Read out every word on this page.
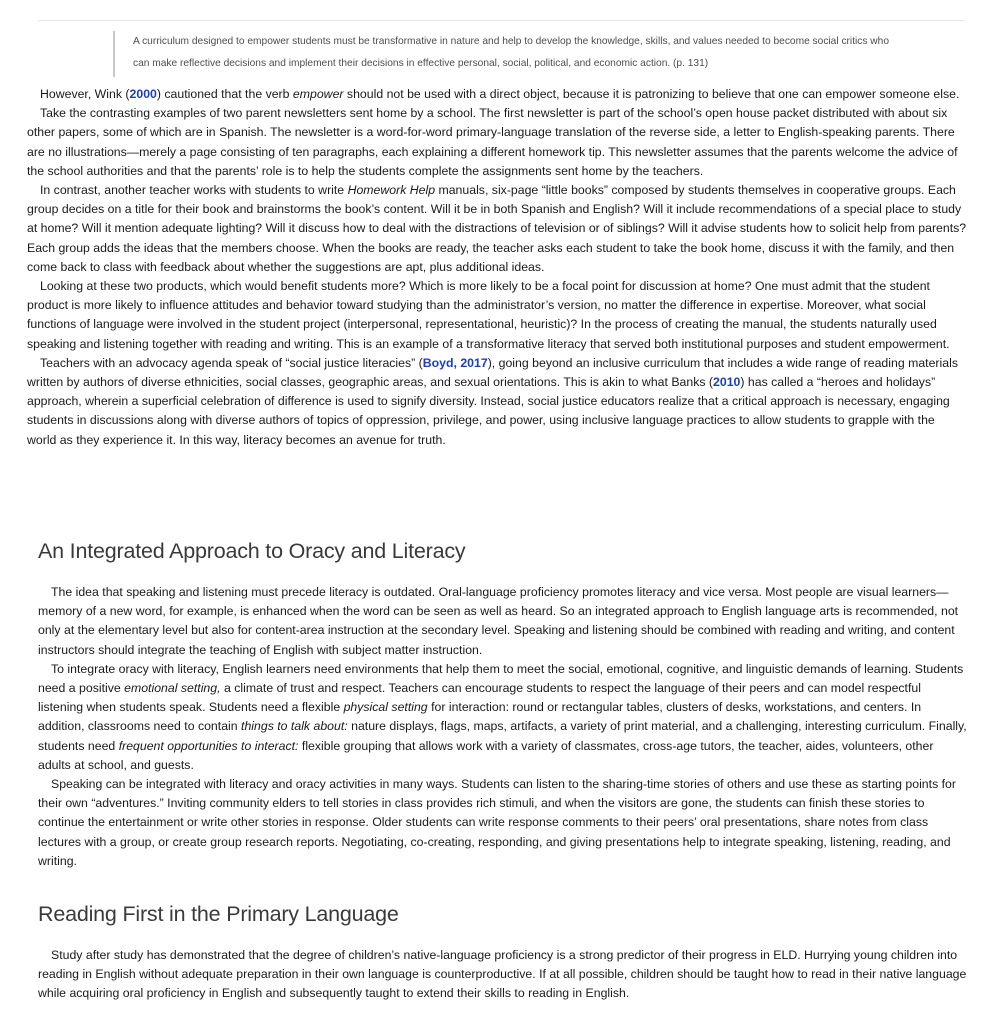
A curriculum designed to empower students must be transformative in nature and help to develop the knowledge, skills, and values needed to become social critics who

can make reflective decisions and implement their decisions in effective personal, social, political, and economic action. (p. 131)

However, Wink (2000) cautioned that the verb empower should not be used with a direct object, because it is patronizing to believe that one can empower someone else.

Take the contrasting examples of two parent newsletters sent home by a school. The first newsletter is part of the school’s open house packet distributed with about six other papers, some of which are in Spanish. The newsletter is a word-for-word primary-language translation of the reverse side, a letter to English-speaking parents. There are no illustrations—merely a page consisting of ten paragraphs, each explaining a different homework tip. This newsletter assumes that the parents welcome the advice of the school authorities and that the parents’ role is to help the students complete the assignments sent home by the teachers.

In contrast, another teacher works with students to write Homework Help manuals, six-page “little books” composed by students themselves in cooperative groups. Each group decides on a title for their book and brainstorms the book’s content. Will it be in both Spanish and English? Will it include recommendations of a special place to study at home? Will it mention adequate lighting? Will it discuss how to deal with the distractions of television or of siblings? Will it advise students how to solicit help from parents? Each group adds the ideas that the members choose. When the books are ready, the teacher asks each student to take the book home, discuss it with the family, and then come back to class with feedback about whether the suggestions are apt, plus additional ideas.

Looking at these two products, which would benefit students more? Which is more likely to be a focal point for discussion at home? One must admit that the student product is more likely to influence attitudes and behavior toward studying than the administrator’s version, no matter the difference in expertise. Moreover, what social functions of language were involved in the student project (interpersonal, representational, heuristic)? In the process of creating the manual, the students naturally used speaking and listening together with reading and writing. This is an example of a transformative literacy that served both institutional purposes and student empowerment.

Teachers with an advocacy agenda speak of “social justice literacies” (Boyd, 2017), going beyond an inclusive curriculum that includes a wide range of reading materials written by authors of diverse ethnicities, social classes, geographic areas, and sexual orientations. This is akin to what Banks (2010) has called a “heroes and holidays” approach, wherein a superficial celebration of difference is used to signify diversity. Instead, social justice educators realize that a critical approach is necessary, engaging students in discussions along with diverse authors of topics of oppression, privilege, and power, using inclusive language practices to allow students to grapple with the world as they experience it. In this way, literacy becomes an avenue for truth.

An Integrated Approach to Oracy and Literacy

The idea that speaking and listening must precede literacy is outdated. Oral-language proficiency promotes literacy and vice versa. Most people are visual learners—memory of a new word, for example, is enhanced when the word can be seen as well as heard. So an integrated approach to English language arts is recommended, not only at the elementary level but also for content-area instruction at the secondary level. Speaking and listening should be combined with reading and writing, and content instructors should integrate the teaching of English with subject matter instruction.

To integrate oracy with literacy, English learners need environments that help them to meet the social, emotional, cognitive, and linguistic demands of learning. Students need a positive emotional setting, a climate of trust and respect. Teachers can encourage students to respect the language of their peers and can model respectful listening when students speak. Students need a flexible physical setting for interaction: round or rectangular tables, clusters of desks, workstations, and centers. In addition, classrooms need to contain things to talk about: nature displays, flags, maps, artifacts, a variety of print material, and a challenging, interesting curriculum. Finally, students need frequent opportunities to interact: flexible grouping that allows work with a variety of classmates, cross-age tutors, the teacher, aides, volunteers, other adults at school, and guests.

Speaking can be integrated with literacy and oracy activities in many ways. Students can listen to the sharing-time stories of others and use these as starting points for their own “adventures.” Inviting community elders to tell stories in class provides rich stimuli, and when the visitors are gone, the students can finish these stories to continue the entertainment or write other stories in response. Older students can write response comments to their peers’ oral presentations, share notes from class lectures with a group, or create group research reports. Negotiating, co-creating, responding, and giving presentations help to integrate speaking, listening, reading, and writing.

Reading First in the Primary Language

Study after study has demonstrated that the degree of children’s native-language proficiency is a strong predictor of their progress in ELD. Hurrying young children into reading in English without adequate preparation in their own language is counterproductive. If at all possible, children should be taught how to read in their native language while acquiring oral proficiency in English and subsequently taught to extend their skills to reading in English.
